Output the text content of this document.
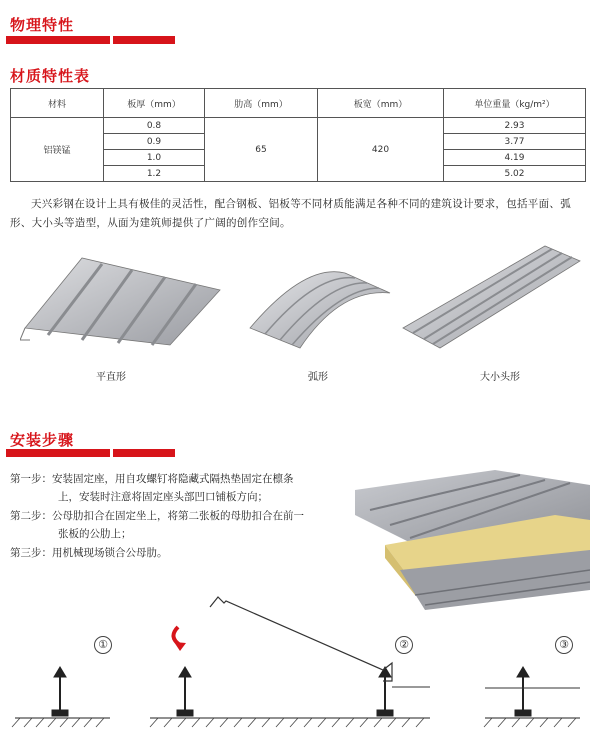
物理特性
材质特性表
材料	板厚（mm）	肋高（mm）	板宽（mm）	单位重量（kg/m²）
铝镁锰	0.8	65	420	2.93
	0.9			3.77
	1.0			4.19
	1.2			5.02
天兴彩钢在设计上具有极佳的灵活性，配合钢板、铝板等不同材质能满足各种不同的建筑设计要求，包括平面、弧形、大小头等造型，从面为建筑师提供了广阔的创作空间。
平直形	弧形	大小头形
安装步骤
第一步：安装固定座，用自攻螺钉将隐藏式隔热垫固定在檩条
上，安装时注意将固定座头部凹口铺板方向；
第二步：公母肋扣合在固定坐上，将第二张板的母肋扣合在前一
张板的公肋上；
第三步：用机械现场锁合公母肋。
①	②	③
